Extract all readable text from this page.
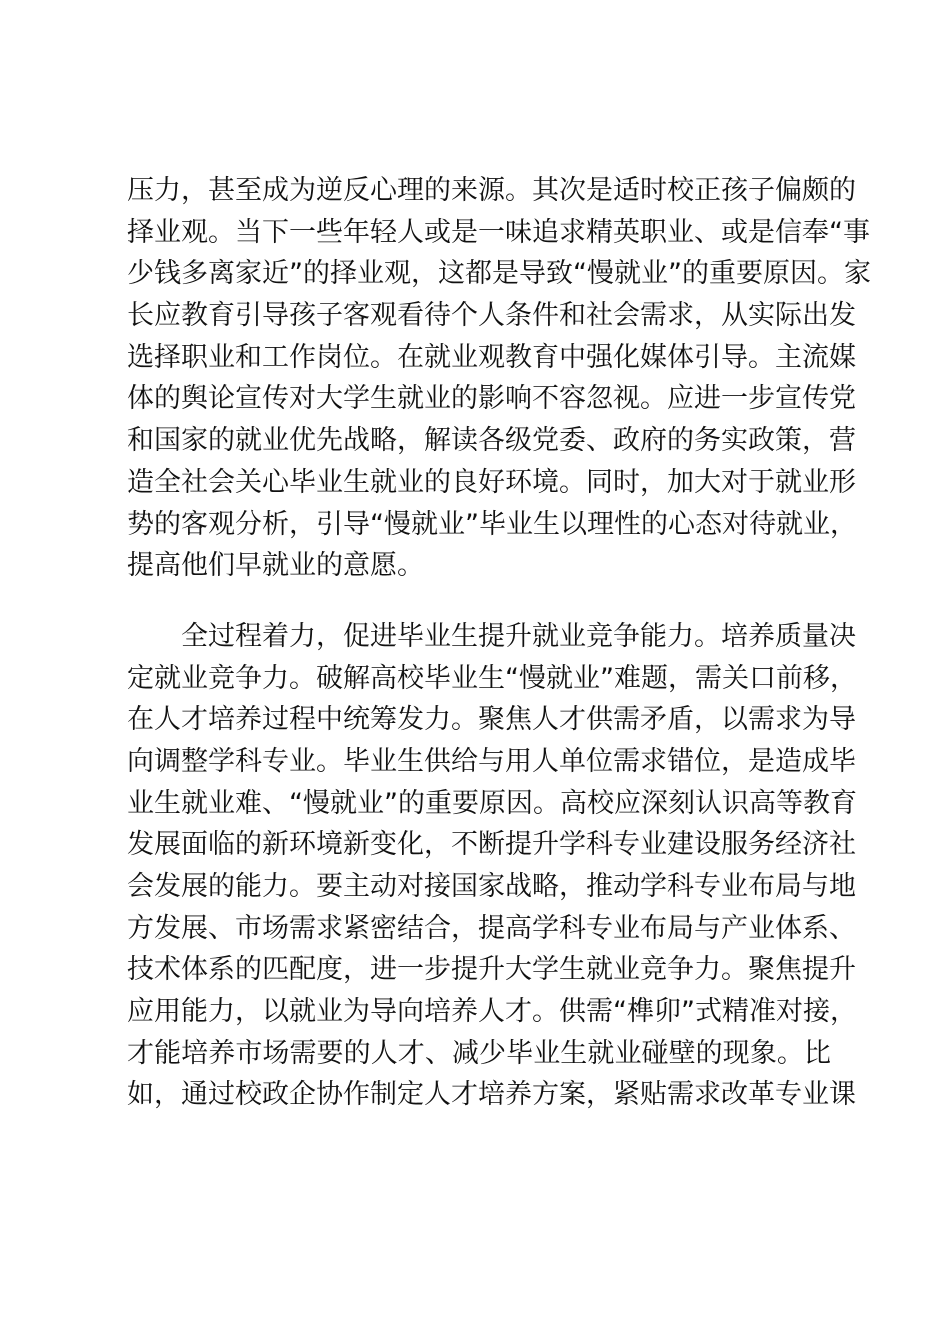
压力，甚至成为逆反心理的来源。其次是适时校正孩子偏颇的
择业观。当下一些年轻人或是一味追求精英职业、或是信奉“事
少钱多离家近”的择业观，这都是导致“慢就业”的重要原因。家
长应教育引导孩子客观看待个人条件和社会需求，从实际出发
选择职业和工作岗位。在就业观教育中强化媒体引导。主流媒
体的舆论宣传对大学生就业的影响不容忽视。应进一步宣传党
和国家的就业优先战略，解读各级党委、政府的务实政策，营
造全社会关心毕业生就业的良好环境。同时，加大对于就业形
势的客观分析，引导“慢就业”毕业生以理性的心态对待就业，
提高他们早就业的意愿。
全过程着力，促进毕业生提升就业竞争能力。培养质量决
定就业竞争力。破解高校毕业生“慢就业”难题，需关口前移，
在人才培养过程中统筹发力。聚焦人才供需矛盾，以需求为导
向调整学科专业。毕业生供给与用人单位需求错位，是造成毕
业生就业难、“慢就业”的重要原因。高校应深刻认识高等教育
发展面临的新环境新变化，不断提升学科专业建设服务经济社
会发展的能力。要主动对接国家战略，推动学科专业布局与地
方发展、市场需求紧密结合，提高学科专业布局与产业体系、
技术体系的匹配度，进一步提升大学生就业竞争力。聚焦提升
应用能力，以就业为导向培养人才。供需“榫卯”式精准对接，
才能培养市场需要的人才、减少毕业生就业碰壁的现象。比
如，通过校政企协作制定人才培养方案，紧贴需求改革专业课
